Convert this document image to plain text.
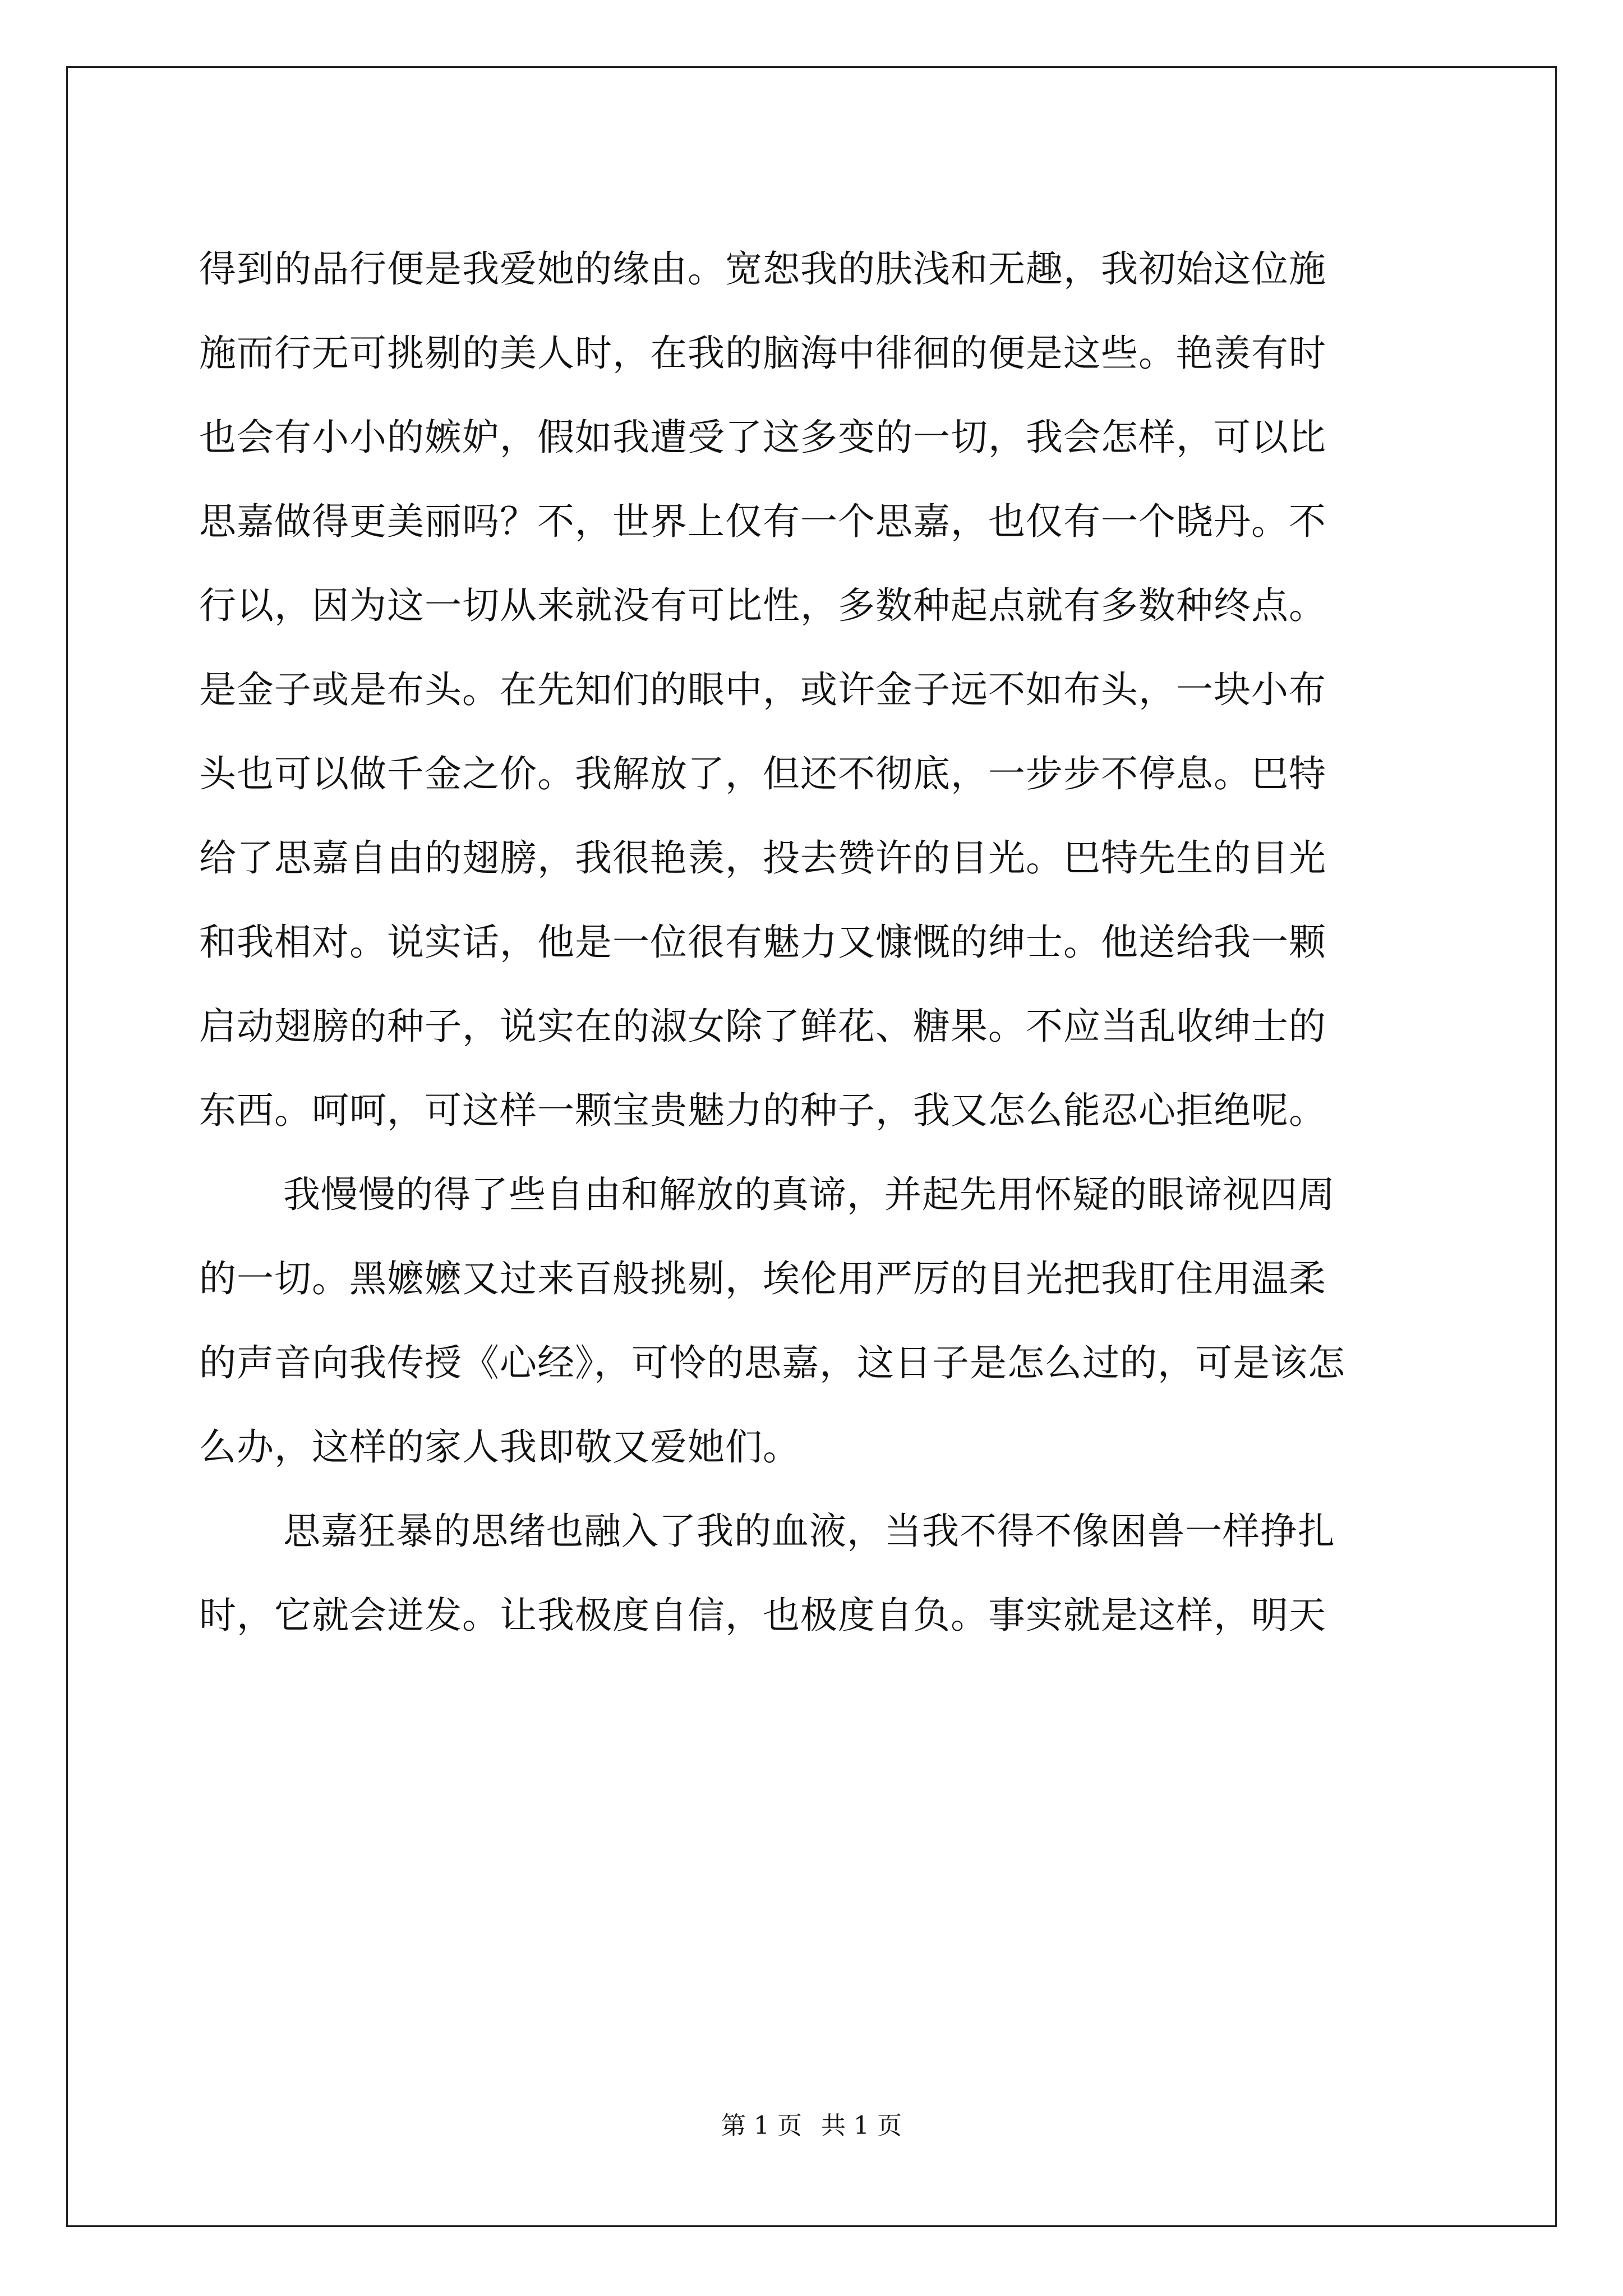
得到的品行便是我爱她的缘由。宽恕我的肤浅和无趣，我初始这位施
施而行无可挑剔的美人时，在我的脑海中徘徊的便是这些。艳羡有时
也会有小小的嫉妒，假如我遭受了这多变的一切，我会怎样，可以比
思嘉做得更美丽吗？不，世界上仅有一个思嘉，也仅有一个晓丹。不
行以，因为这一切从来就没有可比性，多数种起点就有多数种终点。
是金子或是布头。在先知们的眼中，或许金子远不如布头，一块小布
头也可以做千金之价。我解放了，但还不彻底，一步步不停息。巴特
给了思嘉自由的翅膀，我很艳羡，投去赞许的目光。巴特先生的目光
和我相对。说实话，他是一位很有魅力又慷慨的绅士。他送给我一颗
启动翅膀的种子，说实在的淑女除了鲜花、糖果。不应当乱收绅士的
东西。呵呵，可这样一颗宝贵魅力的种子，我又怎么能忍心拒绝呢。

我慢慢的得了些自由和解放的真谛，并起先用怀疑的眼谛视四周
的一切。黑嬷嬷又过来百般挑剔，埃伦用严厉的目光把我盯住用温柔
的声音向我传授《心经》，可怜的思嘉，这日子是怎么过的，可是该怎
么办，这样的家人我即敬又爱她们。

思嘉狂暴的思绪也融入了我的血液，当我不得不像困兽一样挣扎
时，它就会迸发。让我极度自信，也极度自负。事实就是这样，明天

第 1 页 共 1 页
